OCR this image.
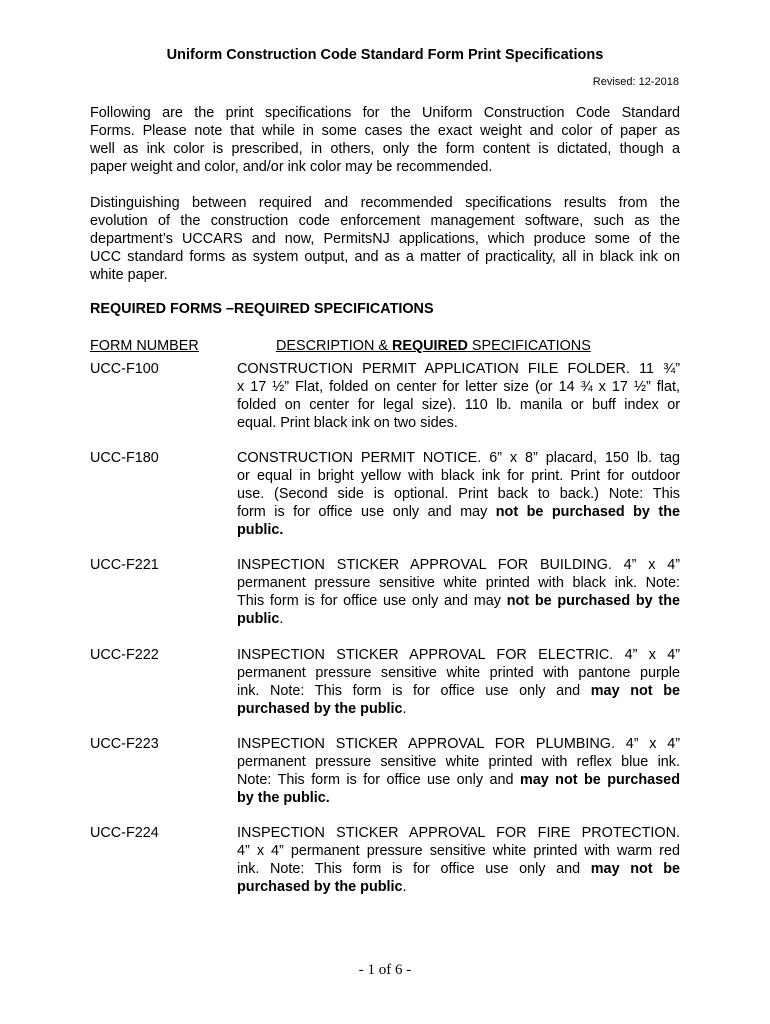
Uniform Construction Code Standard Form Print Specifications
Revised: 12-2018
Following are the print specifications for the Uniform Construction Code Standard
Forms. Please note that while in some cases the exact weight and color of paper as
well as ink color is prescribed, in others, only the form content is dictated, though a
paper weight and color, and/or ink color may be recommended.
Distinguishing between required and recommended specifications results from the
evolution of the construction code enforcement management software, such as the
department’s UCCARS and now, PermitsNJ applications, which produce some of the
UCC standard forms as system output, and as a matter of practicality, all in black ink on
white paper.
REQUIRED FORMS –REQUIRED SPECIFICATIONS
FORM NUMBER	DESCRIPTION & REQUIRED SPECIFICATIONS
UCC-F100	CONSTRUCTION PERMIT APPLICATION FILE FOLDER. 11 ¾”
x 17 ½” Flat, folded on center for letter size (or 14 ¾ x 17 ½” flat,
folded on center for legal size). 110 lb. manila or buff index or
equal. Print black ink on two sides.
UCC-F180	CONSTRUCTION PERMIT NOTICE. 6” x 8” placard, 150 lb. tag
or equal in bright yellow with black ink for print. Print for outdoor
use. (Second side is optional. Print back to back.) Note: This
form is for office use only and may not be purchased by the
public.
UCC-F221	INSPECTION STICKER APPROVAL FOR BUILDING. 4” x 4”
permanent pressure sensitive white printed with black ink. Note:
This form is for office use only and may not be purchased by the
public.
UCC-F222	INSPECTION STICKER APPROVAL FOR ELECTRIC. 4” x 4”
permanent pressure sensitive white printed with pantone purple
ink. Note: This form is for office use only and may not be
purchased by the public.
UCC-F223	INSPECTION STICKER APPROVAL FOR PLUMBING. 4” x 4”
permanent pressure sensitive white printed with reflex blue ink.
Note: This form is for office use only and may not be purchased
by the public.
UCC-F224	INSPECTION STICKER APPROVAL FOR FIRE PROTECTION.
4” x 4” permanent pressure sensitive white printed with warm red
ink. Note: This form is for office use only and may not be
purchased by the public.
- 1 of 6 -
